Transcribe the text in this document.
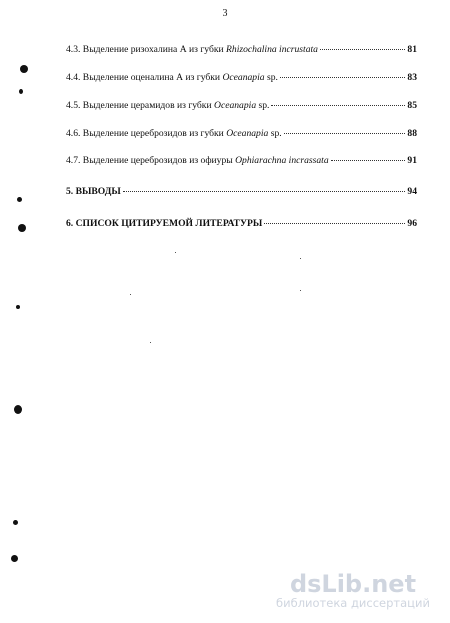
3
4.3. Выделение ризохалина А из губки Rhizochalina incrustata	81
4.4. Выделение оценалина А из губки Oceanapia sp.	83
4.5. Выделение церамидов из губки Oceanapia sp.	85
4.6. Выделение цереброзидов из губки Oceanapia sp.	88
4.7. Выделение цереброзидов из офиуры Ophiarachna incrassata	91
5. ВЫВОДЫ	94
6. СПИСОК ЦИТИРУЕМОЙ ЛИТЕРАТУРЫ	96
dsLib.net
библиотека диссертаций
